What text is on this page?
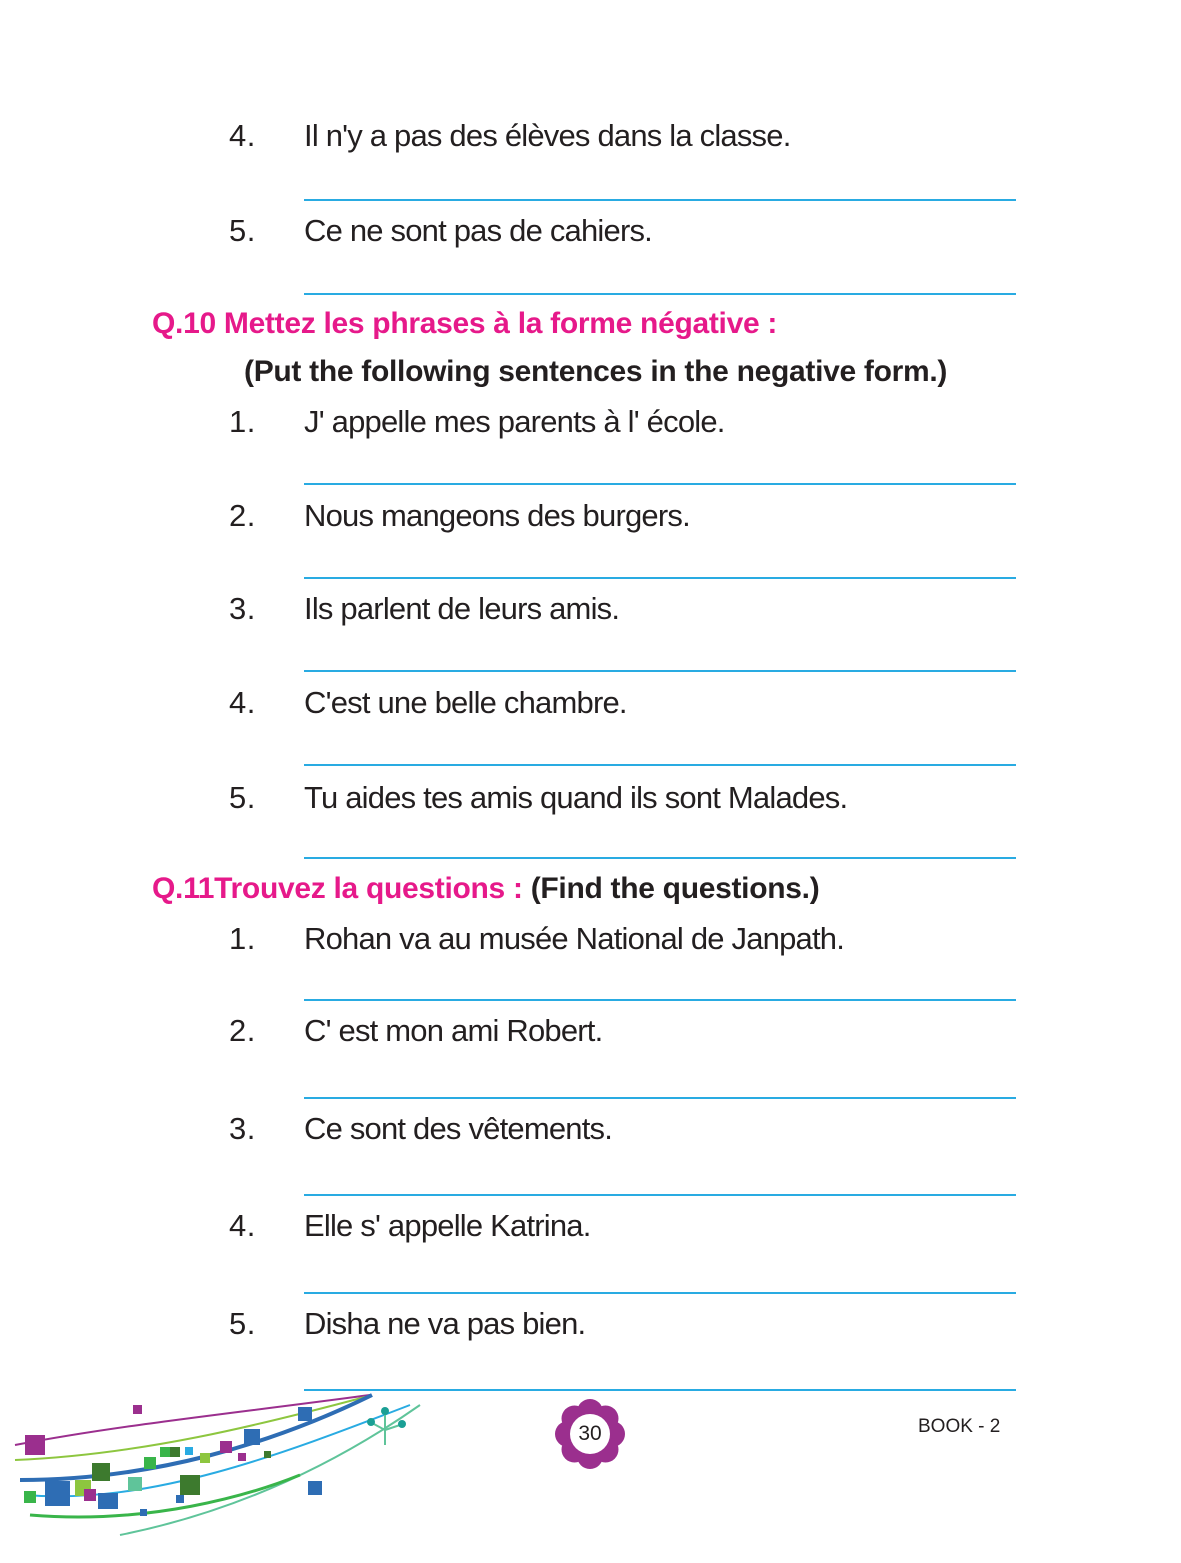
4.	Il n'y a pas des élèves dans la classe.
5.	Ce ne sont pas de cahiers.
Q.10 Mettez les phrases à la forme négative :
(Put the following sentences in the negative form.)
1.	J' appelle mes parents à l' école.
2.	Nous mangeons des burgers.
3.	Ils parlent de leurs amis.
4.	C'est une belle chambre.
5.	Tu aides tes amis quand ils sont Malades.
Q.11Trouvez la questions : (Find the questions.)
1.	Rohan va au musée National de Janpath.
2.	C' est mon ami Robert.
3.	Ce sont des vêtements.
4.	Elle s' appelle Katrina.
5.	Disha ne va pas bien.
30	BOOK - 2
